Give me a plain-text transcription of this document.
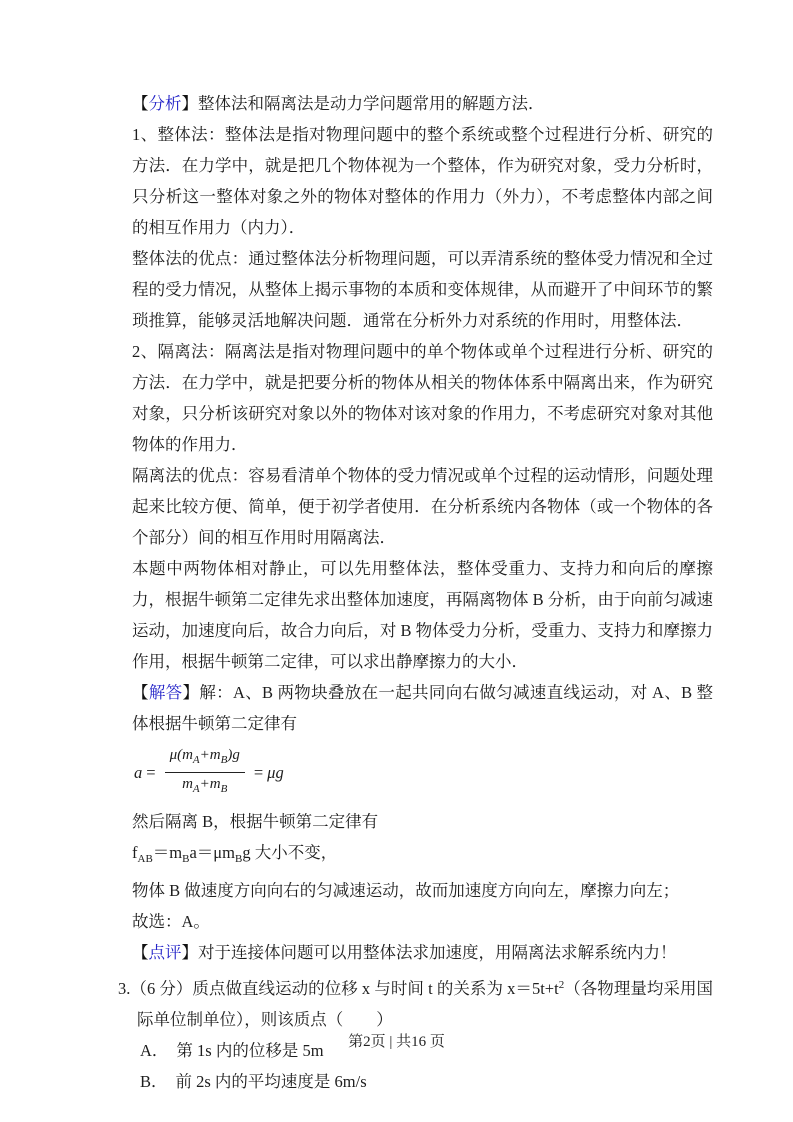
【分析】整体法和隔离法是动力学问题常用的解题方法．

1、整体法：整体法是指对物理问题中的整个系统或整个过程进行分析、研究的方法．在力学中，就是把几个物体视为一个整体，作为研究对象，受力分析时，只分析这一整体对象之外的物体对整体的作用力（外力），不考虑整体内部之间的相互作用力（内力）．

整体法的优点：通过整体法分析物理问题，可以弄清系统的整体受力情况和全过程的受力情况，从整体上揭示事物的本质和变体规律，从而避开了中间环节的繁琐推算，能够灵活地解决问题．通常在分析外力对系统的作用时，用整体法．

2、隔离法：隔离法是指对物理问题中的单个物体或单个过程进行分析、研究的方法．在力学中，就是把要分析的物体从相关的物体体系中隔离出来，作为研究对象，只分析该研究对象以外的物体对该对象的作用力，不考虑研究对象对其他物体的作用力．

隔离法的优点：容易看清单个物体的受力情况或单个过程的运动情形，问题处理起来比较方便、简单，便于初学者使用．在分析系统内各物体（或一个物体的各个部分）间的相互作用时用隔离法．

本题中两物体相对静止，可以先用整体法，整体受重力、支持力和向后的摩擦力，根据牛顿第二定律先求出整体加速度，再隔离物体 B 分析，由于向前匀减速运动，加速度向后，故合力向后，对 B 物体受力分析，受重力、支持力和摩擦力作用，根据牛顿第二定律，可以求出静摩擦力的大小．

【解答】解：A、B 两物块叠放在一起共同向右做匀减速直线运动，对 A、B 整体根据牛顿第二定律有

$a = \frac{\mu(m_A+m_B)g}{m_A+m_B} = \mu g$

然后隔离 B，根据牛顿第二定律有

$f_{AB}=m_Ba=\mu m_Bg$ 大小不变，

物体 B 做速度方向向右的匀减速运动，故而加速度方向向左，摩擦力向左；

故选：A。

【点评】对于连接体问题可以用整体法求加速度，用隔离法求解系统内力！

3.（6 分）质点做直线运动的位移 x 与时间 t 的关系为 $x=5t+t^2$（各物理量均采用国际单位制单位），则该质点（　　）

A． 第 1s 内的位移是 5m

B． 前 2s 内的平均速度是 6m/s

第2页 | 共16 页
